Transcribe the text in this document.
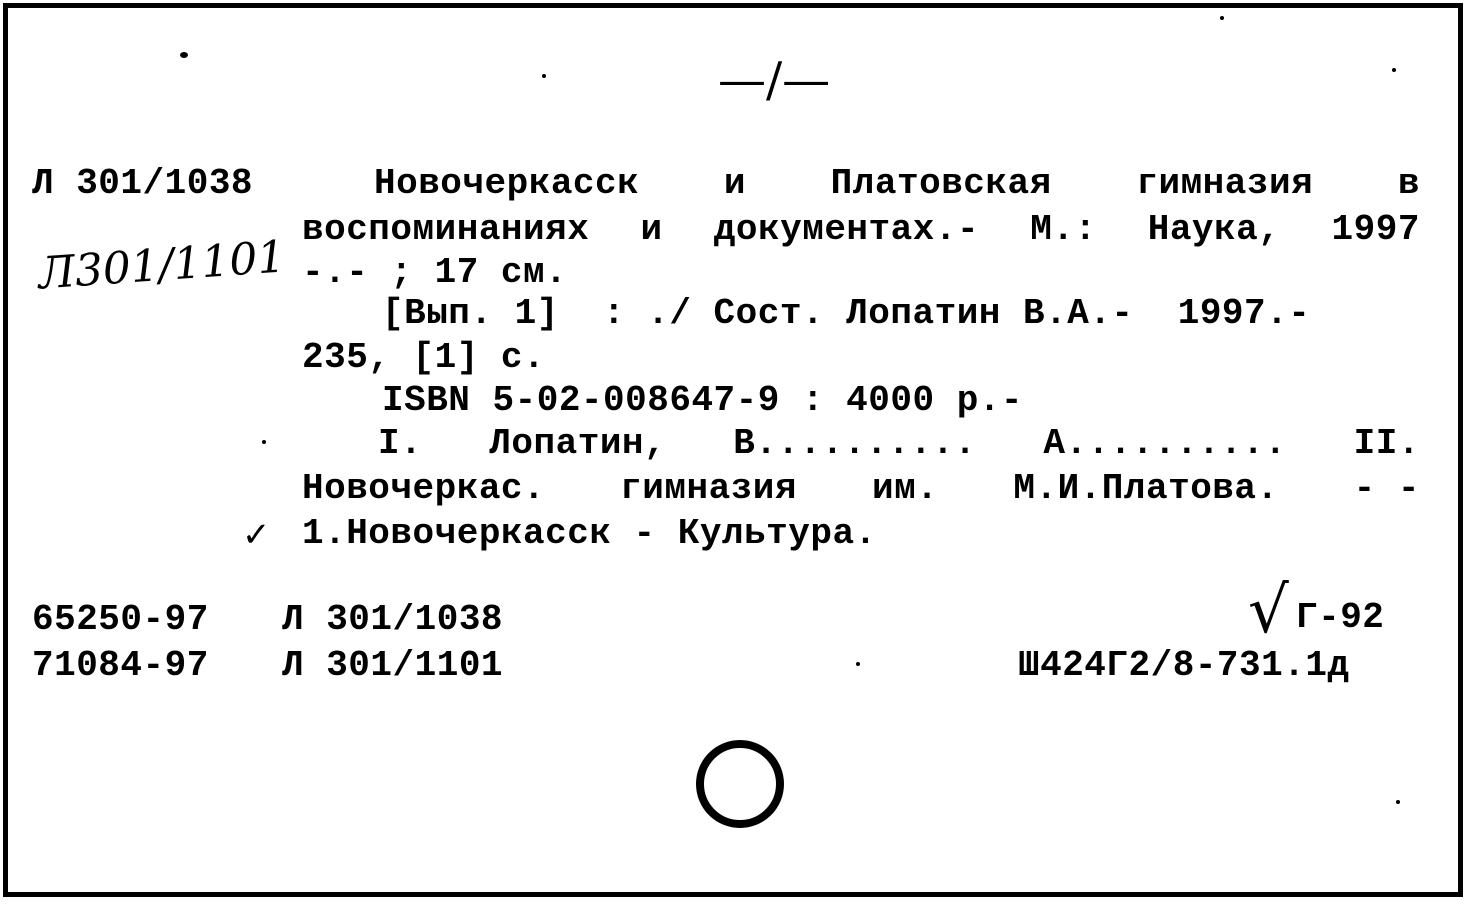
—/—
Л 301/1038
Л301/1101
Новочеркасск и Платовская гимназия в
воспоминаниях и документах.- М.: Наука, 1997
-.- ; 17 см.
[Вып. 1]  : ./ Сост. Лопатин В.А.-  1997.-
235, [1] с.
ISBN 5-02-008647-9 : 4000 р.-
I. Лопатин, В.......... А.......... II.
Новочеркас. гимназия им. М.И.Платова. - -
1.Новочеркасск - Культура.
✓
65250-97 Л 301/1038
71084-97 Л 301/1101
√ Г-92
Ш424Г2/8-731.1д
